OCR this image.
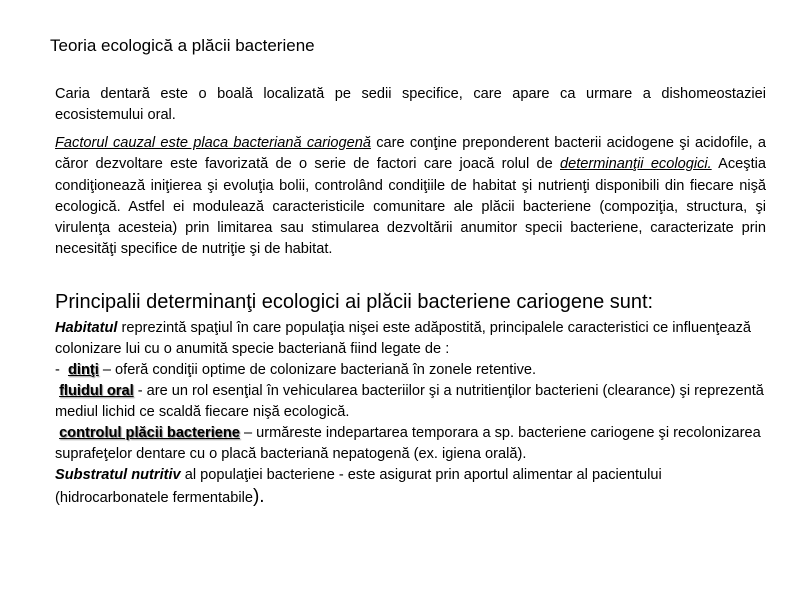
Teoria ecologică a plăcii bacteriene

Caria dentară este o boală localizată pe sedii specifice, care apare ca urmare a dishomeostaziei ecosistemului oral.

Factorul cauzal este placa bacteriană cariogenă care conţine preponderent bacterii acidogene şi acidofile, a căror dezvoltare este favorizată de o serie de factori care joacă rolul de determinanţii ecologici. Aceştia condiţionează iniţierea şi evoluţia bolii, controlând condiţiile de habitat şi nutrienţi disponibili din fiecare nişă ecologică. Astfel ei modulează caracteristicile comunitare ale plăcii bacteriene (compoziţia, structura, şi virulenţa acesteia) prin limitarea sau stimularea dezvoltării anumitor specii bacteriene, caracterizate prin necesităţi specifice de nutriţie şi de habitat.

Principalii determinanţi ecologici ai plăcii bacteriene cariogene sunt:

Habitatul reprezintă spaţiul în care populaţia nişei este adăpostită, principalele caracteristici ce influenţează colonizare lui cu o anumită specie bacteriană fiind legate de :

-  dinţi – oferă condiţii optime de colonizare bacteriană în zonele retentive.

fluidul oral - are un rol esenţial în vehicularea bacteriilor şi a nutritienţilor bacterieni (clearance) şi reprezentă mediul lichid ce scaldă fiecare nişă ecologică.

controlul plăcii bacteriene – urmăreste indepartarea temporara a sp. bacteriene cariogene şi recolonizarea suprafeţelor dentare cu o placă bacteriană nepatogenă (ex. igiena orală).

Substratul nutritiv al populaţiei bacteriene - este asigurat prin aportul alimentar al pacientului (hidrocarbonatele fermentabile).
